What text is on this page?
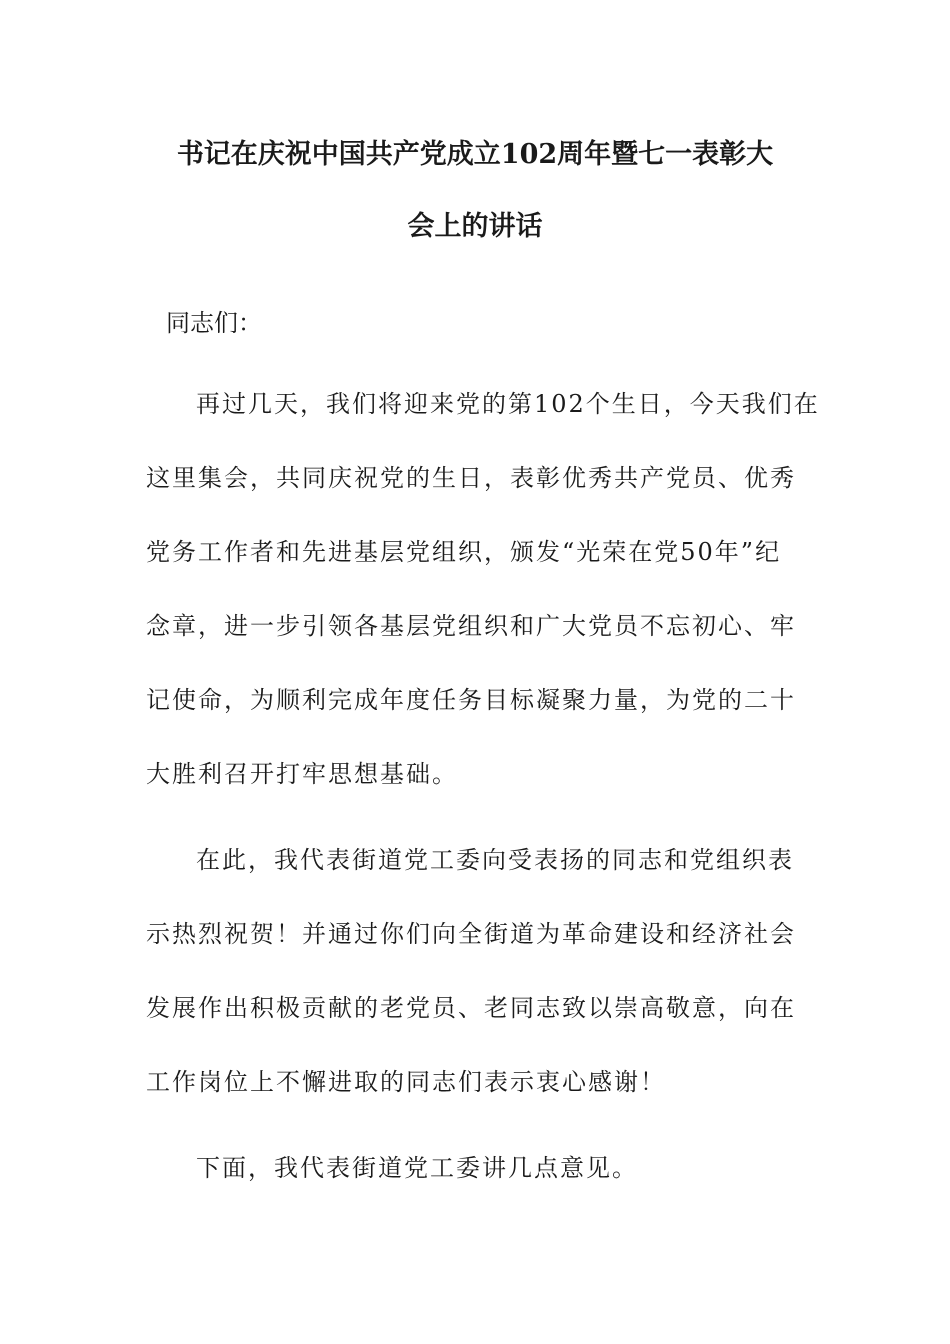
书记在庆祝中国共产党成立102周年暨七一表彰大
会上的讲话
同志们：
再过几天，我们将迎来党的第102个生日，今天我们在
这里集会，共同庆祝党的生日，表彰优秀共产党员、优秀
党务工作者和先进基层党组织，颁发“光荣在党50年”纪
念章，进一步引领各基层党组织和广大党员不忘初心、牢
记使命，为顺利完成年度任务目标凝聚力量，为党的二十
大胜利召开打牢思想基础。
在此，我代表街道党工委向受表扬的同志和党组织表
示热烈祝贺！并通过你们向全街道为革命建设和经济社会
发展作出积极贡献的老党员、老同志致以崇高敬意，向在
工作岗位上不懈进取的同志们表示衷心感谢！
下面，我代表街道党工委讲几点意见。
